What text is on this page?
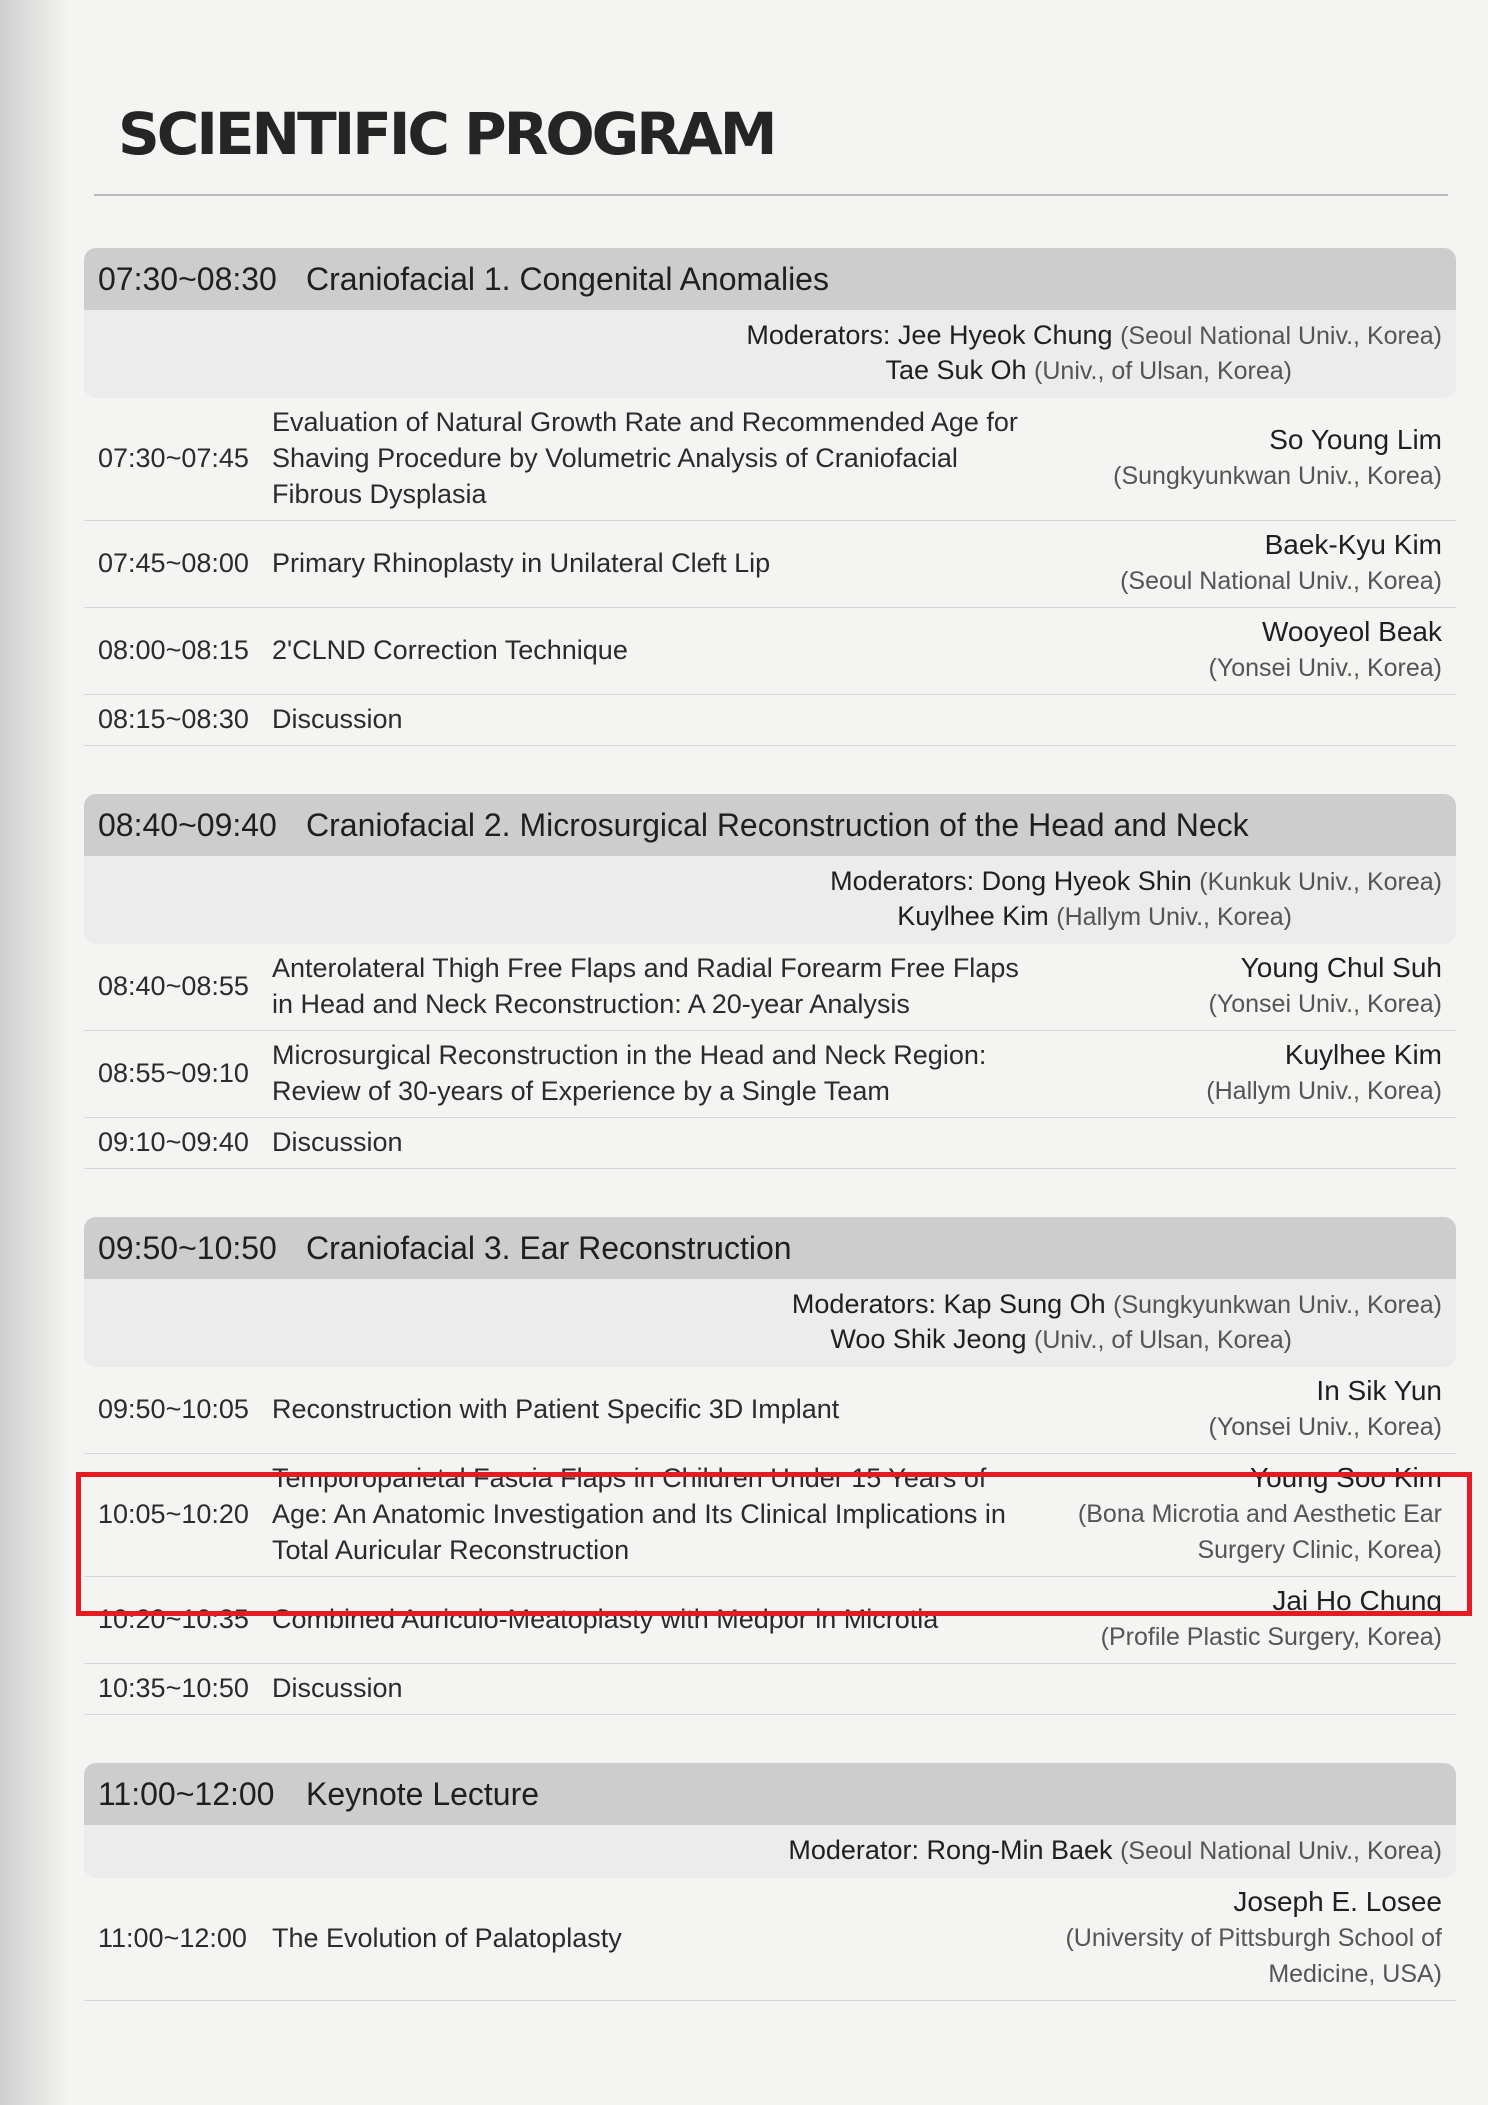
SCIENTIFIC PROGRAM
07:30~08:30 Craniofacial 1. Congenital Anomalies
Moderators: Jee Hyeok Chung (Seoul National Univ., Korea)
Tae Suk Oh (Univ., of Ulsan, Korea)
07:30~07:45
Evaluation of Natural Growth Rate and Recommended Age for Shaving Procedure by Volumetric Analysis of Craniofacial Fibrous Dysplasia
So Young Lim
(Sungkyunkwan Univ., Korea)
07:45~08:00 Primary Rhinoplasty in Unilateral Cleft Lip
Baek-Kyu Kim
(Seoul National Univ., Korea)
08:00~08:15 2'CLND Correction Technique
Wooyeol Beak
(Yonsei Univ., Korea)
08:15~08:30 Discussion
08:40~09:40 Craniofacial 2. Microsurgical Reconstruction of the Head and Neck
Moderators: Dong Hyeok Shin (Kunkuk Univ., Korea)
Kuylhee Kim (Hallym Univ., Korea)
08:40~08:55
Anterolateral Thigh Free Flaps and Radial Forearm Free Flaps in Head and Neck Reconstruction: A 20-year Analysis
Young Chul Suh
(Yonsei Univ., Korea)
08:55~09:10
Microsurgical Reconstruction in the Head and Neck Region: Review of 30-years of Experience by a Single Team
Kuylhee Kim
(Hallym Univ., Korea)
09:10~09:40 Discussion
09:50~10:50 Craniofacial 3. Ear Reconstruction
Moderators: Kap Sung Oh (Sungkyunkwan Univ., Korea)
Woo Shik Jeong (Univ., of Ulsan, Korea)
09:50~10:05 Reconstruction with Patient Specific 3D Implant
In Sik Yun
(Yonsei Univ., Korea)
10:05~10:20
Temporoparietal Fascia Flaps in Children Under 15 Years of Age: An Anatomic Investigation and Its Clinical Implications in Total Auricular Reconstruction
Young Soo Kim
(Bona Microtia and Aesthetic Ear Surgery Clinic, Korea)
10:20~10:35 Combined Auriculo-Meatoplasty with Medpor in Microtia
Jai Ho Chung
(Profile Plastic Surgery, Korea)
10:35~10:50 Discussion
11:00~12:00 Keynote Lecture
Moderator: Rong-Min Baek (Seoul National Univ., Korea)
11:00~12:00 The Evolution of Palatoplasty
Joseph E. Losee
(University of Pittsburgh School of Medicine, USA)
